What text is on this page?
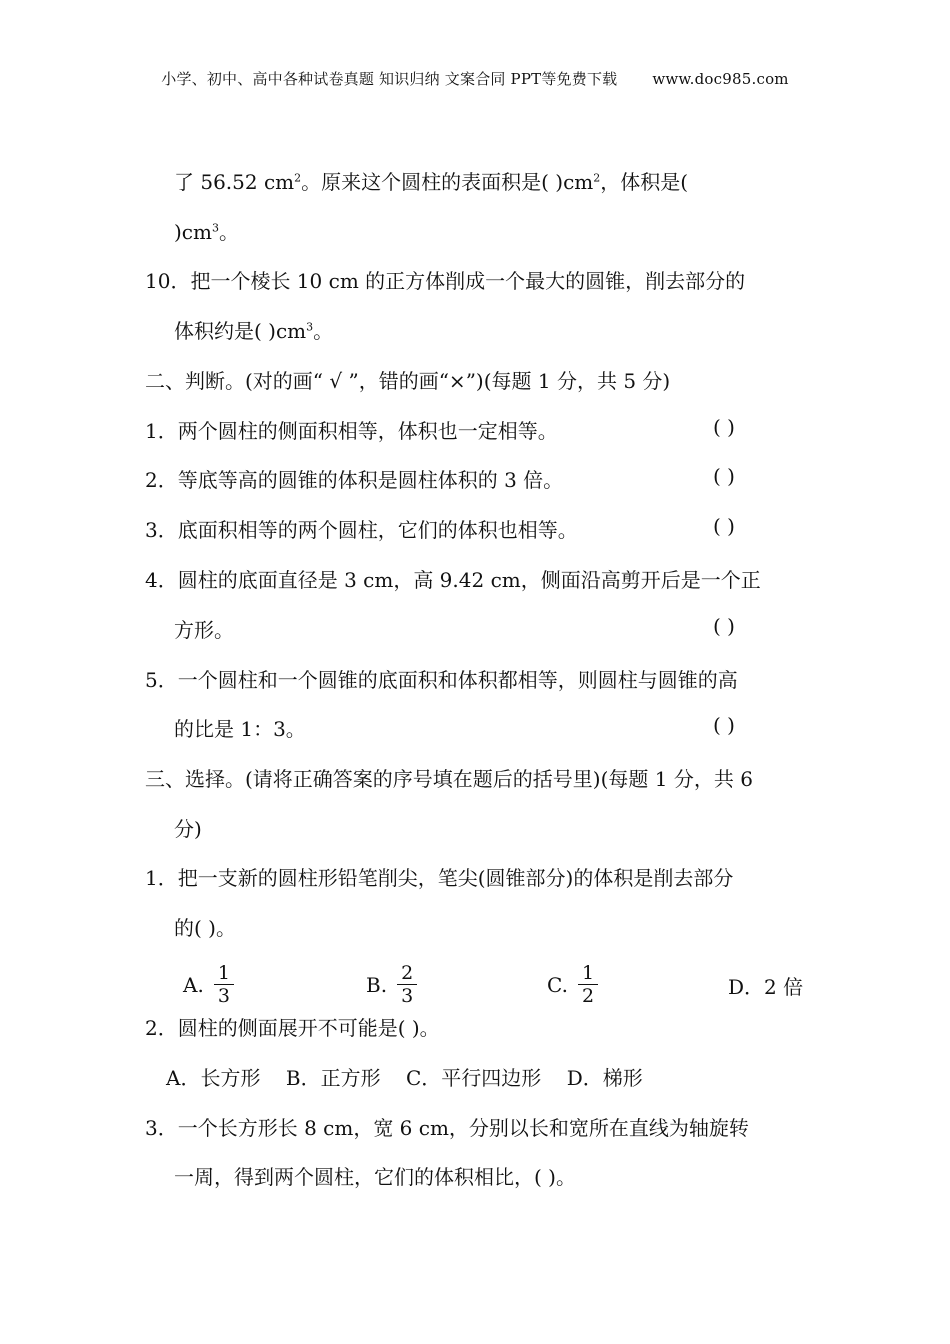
小学、初中、高中各种试卷真题 知识归纳 文案合同 PPT等免费下载 www.doc985.com
了 56.52 $cm^2$。原来这个圆柱的表面积是( )$cm^2$，体积是(
)$cm^3$。
10．把一个棱长 10 cm 的正方体削成一个最大的圆锥，削去部分的
体积约是( )$cm^3$。
二、判断。(对的画“ √ ”，错的画“×”)(每题 1 分，共 5 分)
1．两个圆柱的侧面积相等，体积也一定相等。	( )
2．等底等高的圆锥的体积是圆柱体积的 3 倍。	( )
3．底面积相等的两个圆柱，它们的体积也相等。	( )
4．圆柱的底面直径是 3 cm，高 9.42 cm，侧面沿高剪开后是一个正
方形。	( )
5．一个圆柱和一个圆锥的底面积和体积都相等，则圆柱与圆锥的高
的比是 1：3。	( )
三、选择。(请将正确答案的序号填在题后的括号里)(每题 1 分，共 6
分)
1．把一支新的圆柱形铅笔削尖，笔尖(圆锥部分)的体积是削去部分
的( )。
A. $\frac{1}{3}$	B. $\frac{2}{3}$	C. $\frac{1}{2}$	D．2 倍
2．圆柱的侧面展开不可能是( )。
A．长方形    B．正方形    C．平行四边形    D．梯形
3．一个长方形长 8 cm，宽 6 cm，分别以长和宽所在直线为轴旋转
一周，得到两个圆柱，它们的体积相比，( )。
